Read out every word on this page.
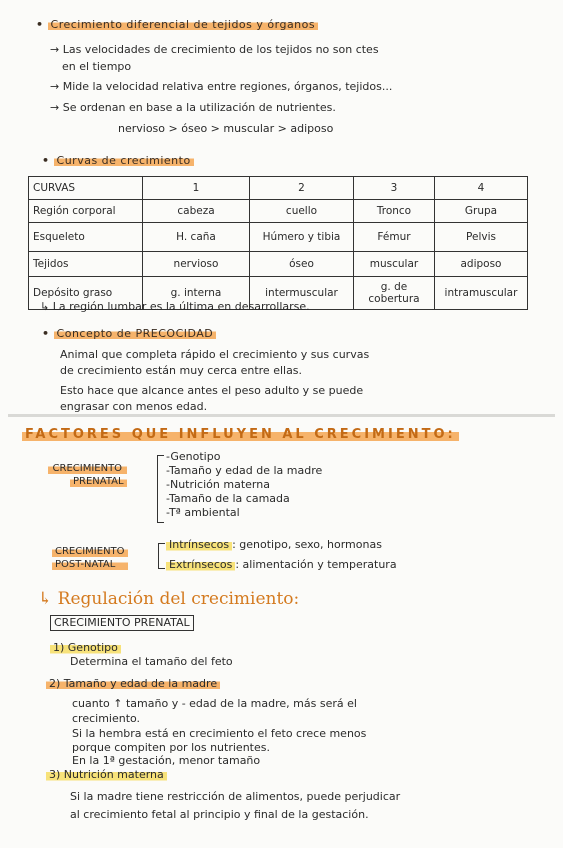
• Crecimiento diferencial de tejidos y órganos
→ Las velocidades de crecimiento de los tejidos no son ctes
en el tiempo
→ Mide la velocidad relativa entre regiones, órganos, tejidos...
→ Se ordenan en base a la utilización de nutrientes.
nervioso > óseo > muscular > adiposo
• Curvas de crecimiento
CURVAS	1	2	3	4
Región corporal	cabeza	cuello	Tronco	Grupa
Esqueleto	H. caña	Húmero y tibia	Fémur	Pelvis
Tejidos	nervioso	óseo	muscular	adiposo
Depósito graso	g. interna	intermuscular	g. de cobertura	intramuscular
↳ La región lumbar es la última en desarrollarse.
• Concepto de PRECOCIDAD
Animal que completa rápido el crecimiento y sus curvas
de crecimiento están muy cerca entre ellas.
Esto hace que alcance antes el peso adulto y se puede
engrasar con menos edad.
FACTORES QUE INFLUYEN AL CRECIMIENTO:
CRECIMIENTO
PRENATAL
-Genotipo
-Tamaño y edad de la madre
-Nutrición materna
-Tamaño de la camada
-Tª ambiental
CRECIMIENTO
POST-NATAL
Intrínsecos : genotipo, sexo, hormonas
Extrínsecos : alimentación y temperatura
↳ Regulación del crecimiento:
CRECIMIENTO PRENATAL
1) Genotipo
Determina el tamaño del feto
2) Tamaño y edad de la madre
cuanto ↑ tamaño y - edad de la madre, más será el
crecimiento.
Si la hembra está en crecimiento el feto crece menos
porque compiten por los nutrientes.
En la 1ª gestación, menor tamaño
3) Nutrición materna
Si la madre tiene restricción de alimentos, puede perjudicar
al crecimiento fetal al principio y final de la gestación.
